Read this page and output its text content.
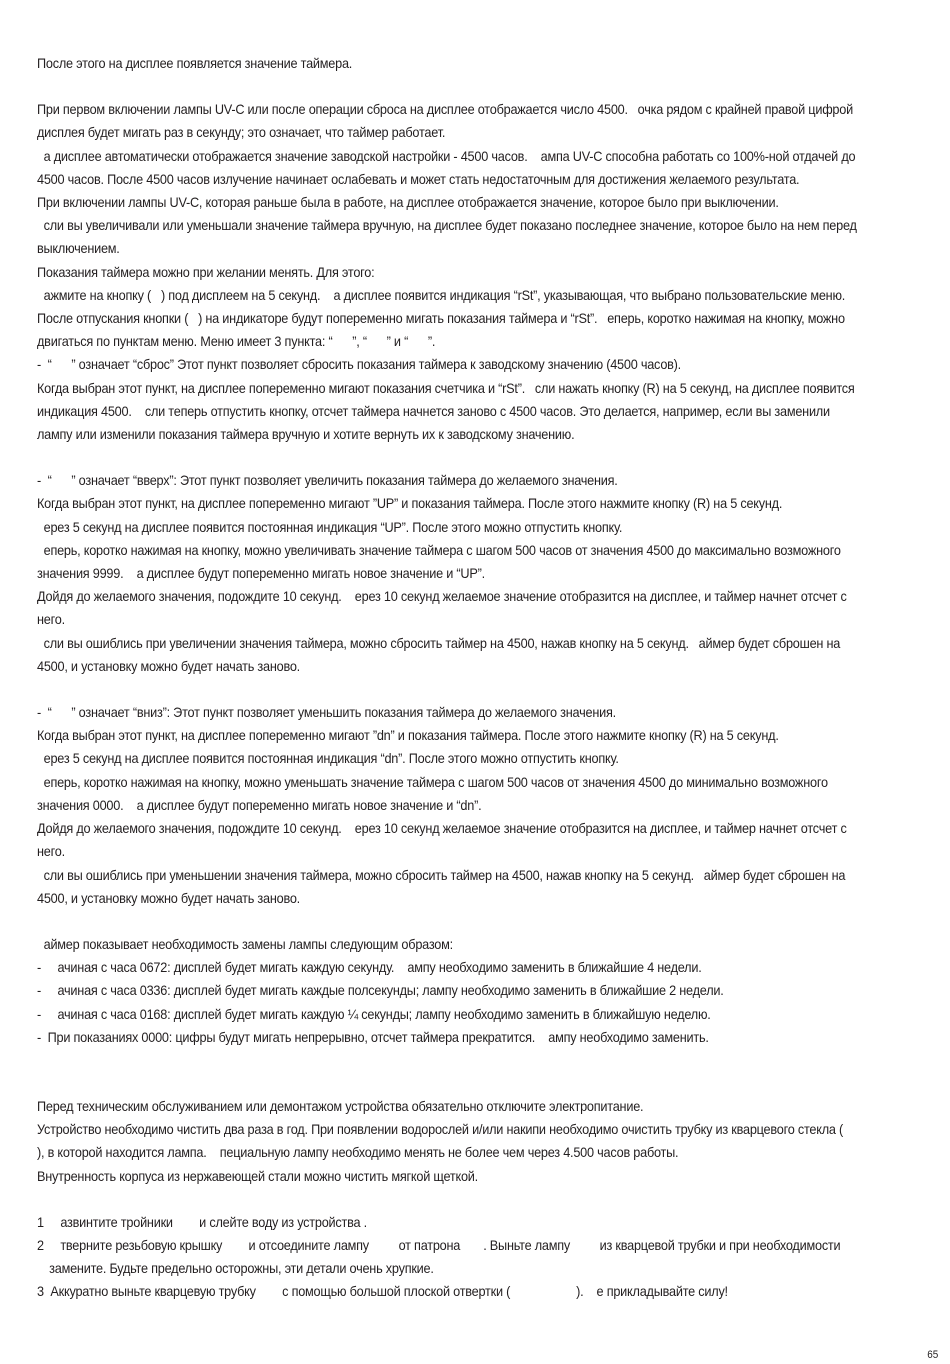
После этого на дисплее появляется значение таймера.

При первом включении лампы UV-C или после операции сброса на дисплее отображается число 4500.   очка рядом с крайней правой цифрой дисплея будет мигать раз в секунду; это означает, что таймер работает.

а дисплее автоматически отображается значение заводской настройки - 4500 часов.    ампа UV-C способна работать со 100%-ной отдачей до 4500 часов. После 4500 часов излучение начинает ослабевать и может стать недостаточным для достижения желаемого результата.

При включении лампы UV-C, которая раньше была в работе, на дисплее отображается значение, которое было при выключении.

сли вы увеличивали или уменьшали значение таймера вручную, на дисплее будет показано последнее значение, которое было на нем перед выключением.

Показания таймера можно при желании менять. Для этого:

ажмите на кнопку (   ) под дисплеем на 5 секунд.    а дисплее появится индикация “rSt”, указывающая, что выбрано пользовательские меню. После отпускания кнопки (   ) на индикаторе будут попеременно мигать показания таймера и “rSt”.   еперь, коротко нажимая на кнопку, можно двигаться по пунктам меню. Меню имеет 3 пункта: “      ”, “      ” и “      ”.

-  “      ” означает “сброс” Этот пункт позволяет сбросить показания таймера к заводскому значению (4500 часов).

Когда выбран этот пункт, на дисплее попеременно мигают показания счетчика и “rSt”.   сли нажать кнопку (R) на 5 секунд, на дисплее появится индикация 4500.    сли теперь отпустить кнопку, отсчет таймера начнется заново с 4500 часов. Это делается, например, если вы заменили лампу или изменили показания таймера вручную и хотите вернуть их к заводскому значению.

-  “      ” означает “вверх”: Этот пункт позволяет увеличить показания таймера до желаемого значения.

Когда выбран этот пункт, на дисплее попеременно мигают ”UP” и показания таймера. После этого нажмите кнопку (R) на 5 секунд.

ерез 5 секунд на дисплее появится постоянная индикация “UP”. После этого можно отпустить кнопку.

еперь, коротко нажимая на кнопку, можно увеличивать значение таймера с шагом 500 часов от значения 4500 до максимально возможного значения 9999.    а дисплее будут попеременно мигать новое значение и “UP”.

Дойдя до желаемого значения, подождите 10 секунд.    ерез 10 секунд желаемое значение отобразится на дисплее, и таймер начнет отсчет с него.

сли вы ошиблись при увеличении значения таймера, можно сбросить таймер на 4500, нажав кнопку на 5 секунд.   аймер будет сброшен на 4500, и установку можно будет начать заново.

-  “      ” означает “вниз”: Этот пункт позволяет уменьшить показания таймера до желаемого значения.

Когда выбран этот пункт, на дисплее попеременно мигают ”dn” и показания таймера. После этого нажмите кнопку (R) на 5 секунд.

ерез 5 секунд на дисплее появится постоянная индикация “dn”. После этого можно отпустить кнопку.

еперь, коротко нажимая на кнопку, можно уменьшать значение таймера с шагом 500 часов от значения 4500 до минимально возможного значения 0000.    а дисплее будут попеременно мигать новое значение и “dn”.

Дойдя до желаемого значения, подождите 10 секунд.    ерез 10 секунд желаемое значение отобразится на дисплее, и таймер начнет отсчет с него.

сли вы ошиблись при уменьшении значения таймера, можно сбросить таймер на 4500, нажав кнопку на 5 секунд.   аймер будет сброшен на 4500, и установку можно будет начать заново.

аймер показывает необходимость замены лампы следующим образом:

-     ачиная с часа 0672: дисплей будет мигать каждую секунду.    ампу необходимо заменить в ближайшие 4 недели.

-     ачиная с часа 0336: дисплей будет мигать каждые полсекунды; лампу необходимо заменить в ближайшие 2 недели.

-     ачиная с часа 0168: дисплей будет мигать каждую ¼ секунды; лампу необходимо заменить в ближайшую неделю.

-  При показаниях 0000: цифры будут мигать непрерывно, отсчет таймера прекратится.    ампу необходимо заменить.

Перед техническим обслуживанием или демонтажом устройства обязательно отключите электропитание.

Устройство необходимо чистить два раза в год. При появлении водорослей и/или накипи необходимо очистить трубку из кварцевого стекла (    ), в которой находится лампа.    пециальную лампу необходимо менять не более чем через 4.500 часов работы.

Внутренность корпуса из нержавеющей стали можно чистить мягкой щеткой.

1     азвинтите тройники        и слейте воду из устройства .

2     твернитe резьбовую крышку        и отсоедините лампу         от патрона       . Выньте лампу         из кварцевой трубки и при необходимости замените. Будьте предельно осторожны, эти детали очень хрупкие.

3  Аккуратно выньте кварцевую трубку        с помощью большой плоской отвертки (                    ).    е прикладывайте силу!

65
